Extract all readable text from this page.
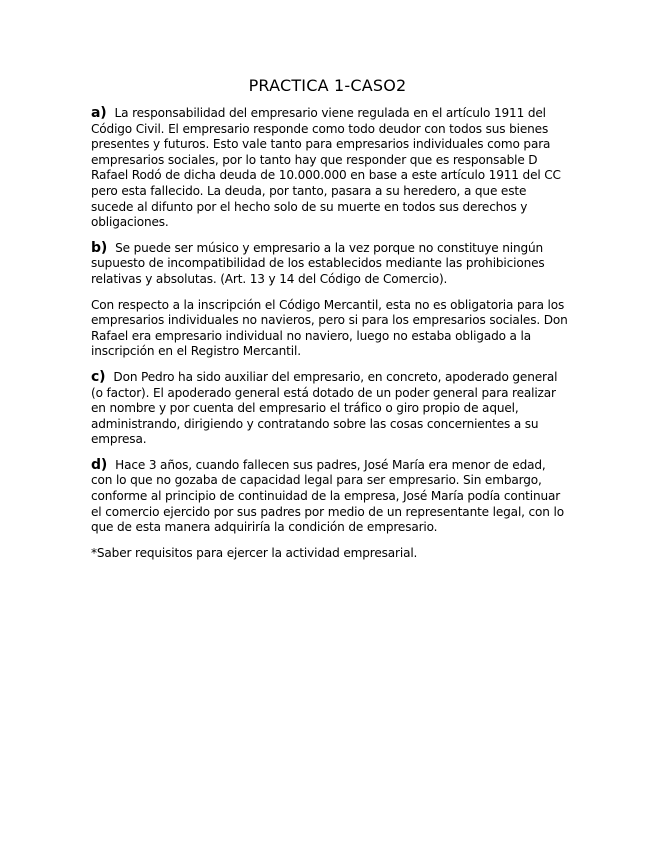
PRACTICA 1-CASO2

a) La responsabilidad del empresario viene regulada en el artículo 1911 del Código Civil. El empresario responde como todo deudor con todos sus bienes presentes y futuros. Esto vale tanto para empresarios individuales como para empresarios sociales, por lo tanto hay que responder que es responsable D Rafael Rodó de dicha deuda de 10.000.000 en base a este artículo 1911 del CC pero esta fallecido. La deuda, por tanto, pasara a su heredero, a que este sucede al difunto por el hecho solo de su muerte en todos sus derechos y obligaciones.

b) Se puede ser músico y empresario a la vez porque no constituye ningún supuesto de incompatibilidad de los establecidos mediante las prohibiciones relativas y absolutas. (Art. 13 y 14 del Código de Comercio).

Con respecto a la inscripción el Código Mercantil, esta no es obligatoria para los empresarios individuales no navieros, pero si para los empresarios sociales. Don Rafael era empresario individual no naviero, luego no estaba obligado a la inscripción en el Registro Mercantil.

c) Don Pedro ha sido auxiliar del empresario, en concreto, apoderado general (o factor). El apoderado general está dotado de un poder general para realizar en nombre y por cuenta del empresario el tráfico o giro propio de aquel, administrando, dirigiendo y contratando sobre las cosas concernientes a su empresa.

d) Hace 3 años, cuando fallecen sus padres, José María era menor de edad, con lo que no gozaba de capacidad legal para ser empresario. Sin embargo, conforme al principio de continuidad de la empresa, José María podía continuar el comercio ejercido por sus padres por medio de un representante legal, con lo que de esta manera adquiriría la condición de empresario.

*Saber requisitos para ejercer la actividad empresarial.
